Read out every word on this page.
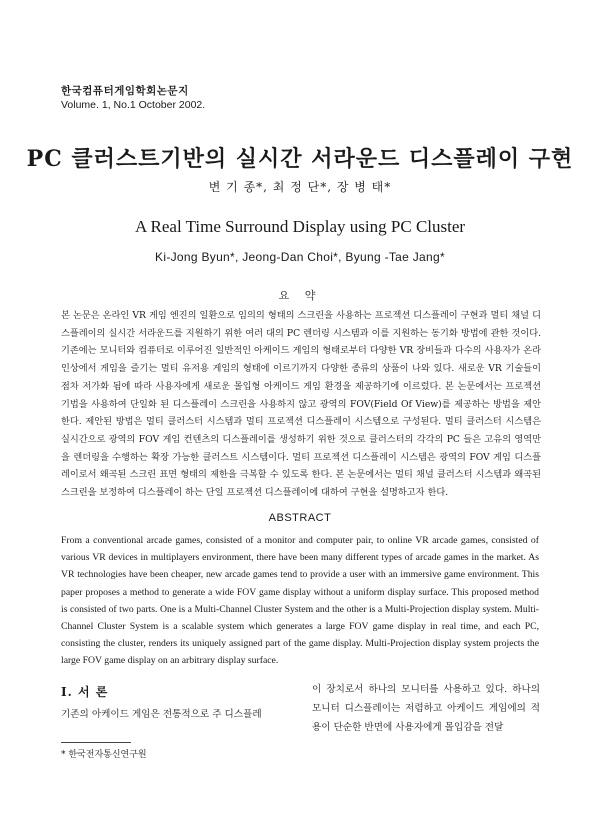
한국컴퓨터게임학회논문지
Volume. 1, No.1 October 2002.
PC 클러스트기반의 실시간 서라운드 디스플레이 구현
변 기 종*, 최 정 단*, 장 병 태*
A Real Time Surround Display using PC Cluster
Ki-Jong Byun*, Jeong-Dan Choi*, Byung -Tae Jang*
요 약

본 논문은 온라인 VR 게임 엔진의 일환으로 임의의 형태의 스크린을 사용하는 프로젝션 디스플레이 구현과 멀티 채널 디스플레이의 실시간 서라운드를 지원하기 위한 여러 대의 PC 렌더링 시스템과 이를 지원하는 동기화 방법에 관한 것이다. 기존에는 모니터와 컴퓨터로 이루어진 일반적인 아케이드 게임의 형태로부터 다양한 VR 장비들과 다수의 사용자가 온라인상에서 게임을 즐기는 멀티 유저용 게임의 형태에 이르기까지 다양한 종류의 상품이 나와 있다. 새로운 VR 기술들이 점차 저가화 됨에 따라 사용자에게 새로운 몰입형 아케이드 게임 환경을 제공하기에 이르렀다. 본 논문에서는 프로젝션 기법을 사용하여 단일화 된 디스플레이 스크린을 사용하지 않고 광역의 FOV(Field Of View)를 제공하는 방법을 제안한다. 제안된 방법은 멀티 클러스터 시스템과 멀티 프로젝션 디스플레이 시스템으로 구성된다. 멀티 클러스터 시스템은 실시간으로 광역의 FOV 게임 컨텐츠의 디스플레이를 생성하기 위한 것으로 클러스터의 각각의 PC 들은 고유의 영역만을 렌더링을 수행하는 확장 가능한 클러스트 시스템이다. 멀티 프로젝션 디스플레이 시스템은 광역의 FOV 게임 디스플레이로서 왜곡된 스크린 표면 형태의 제한을 극복할 수 있도록 한다. 본 논문에서는 멀티 채널 클러스터 시스템과 왜곡된 스크린을 보정하여 디스플레이 하는 단일 프로젝션 디스플레이에 대하여 구현을 설명하고자 한다.

ABSTRACT

From a conventional arcade games, consisted of a monitor and computer pair, to online VR arcade games, consisted of various VR devices in multiplayers environment, there have been many different types of arcade games in the market. As VR technologies have been cheaper, new arcade games tend to provide a user with an immersive game environment. This paper proposes a method to generate a wide FOV game display without a uniform display surface. This proposed method is consisted of two parts. One is a Multi-Channel Cluster System and the other is a Multi-Projection display system. Multi-Channel Cluster System is a scalable system which generates a large FOV game display in real time, and each PC, consisting the cluster, renders its uniquely assigned part of the game display. Multi-Projection display system projects the large FOV game display on an arbitrary display surface.

Ⅰ. 서 론

기존의 아케이드 게임은 전통적으로 주 디스플레

이 장치로서 하나의 모니터를 사용하고 있다. 하나의 모니터 디스플레이는 저렴하고 아케이드 게임에의 적용이 단순한 반면에 사용자에게 몰입감을 전달

* 한국전자통신연구원
